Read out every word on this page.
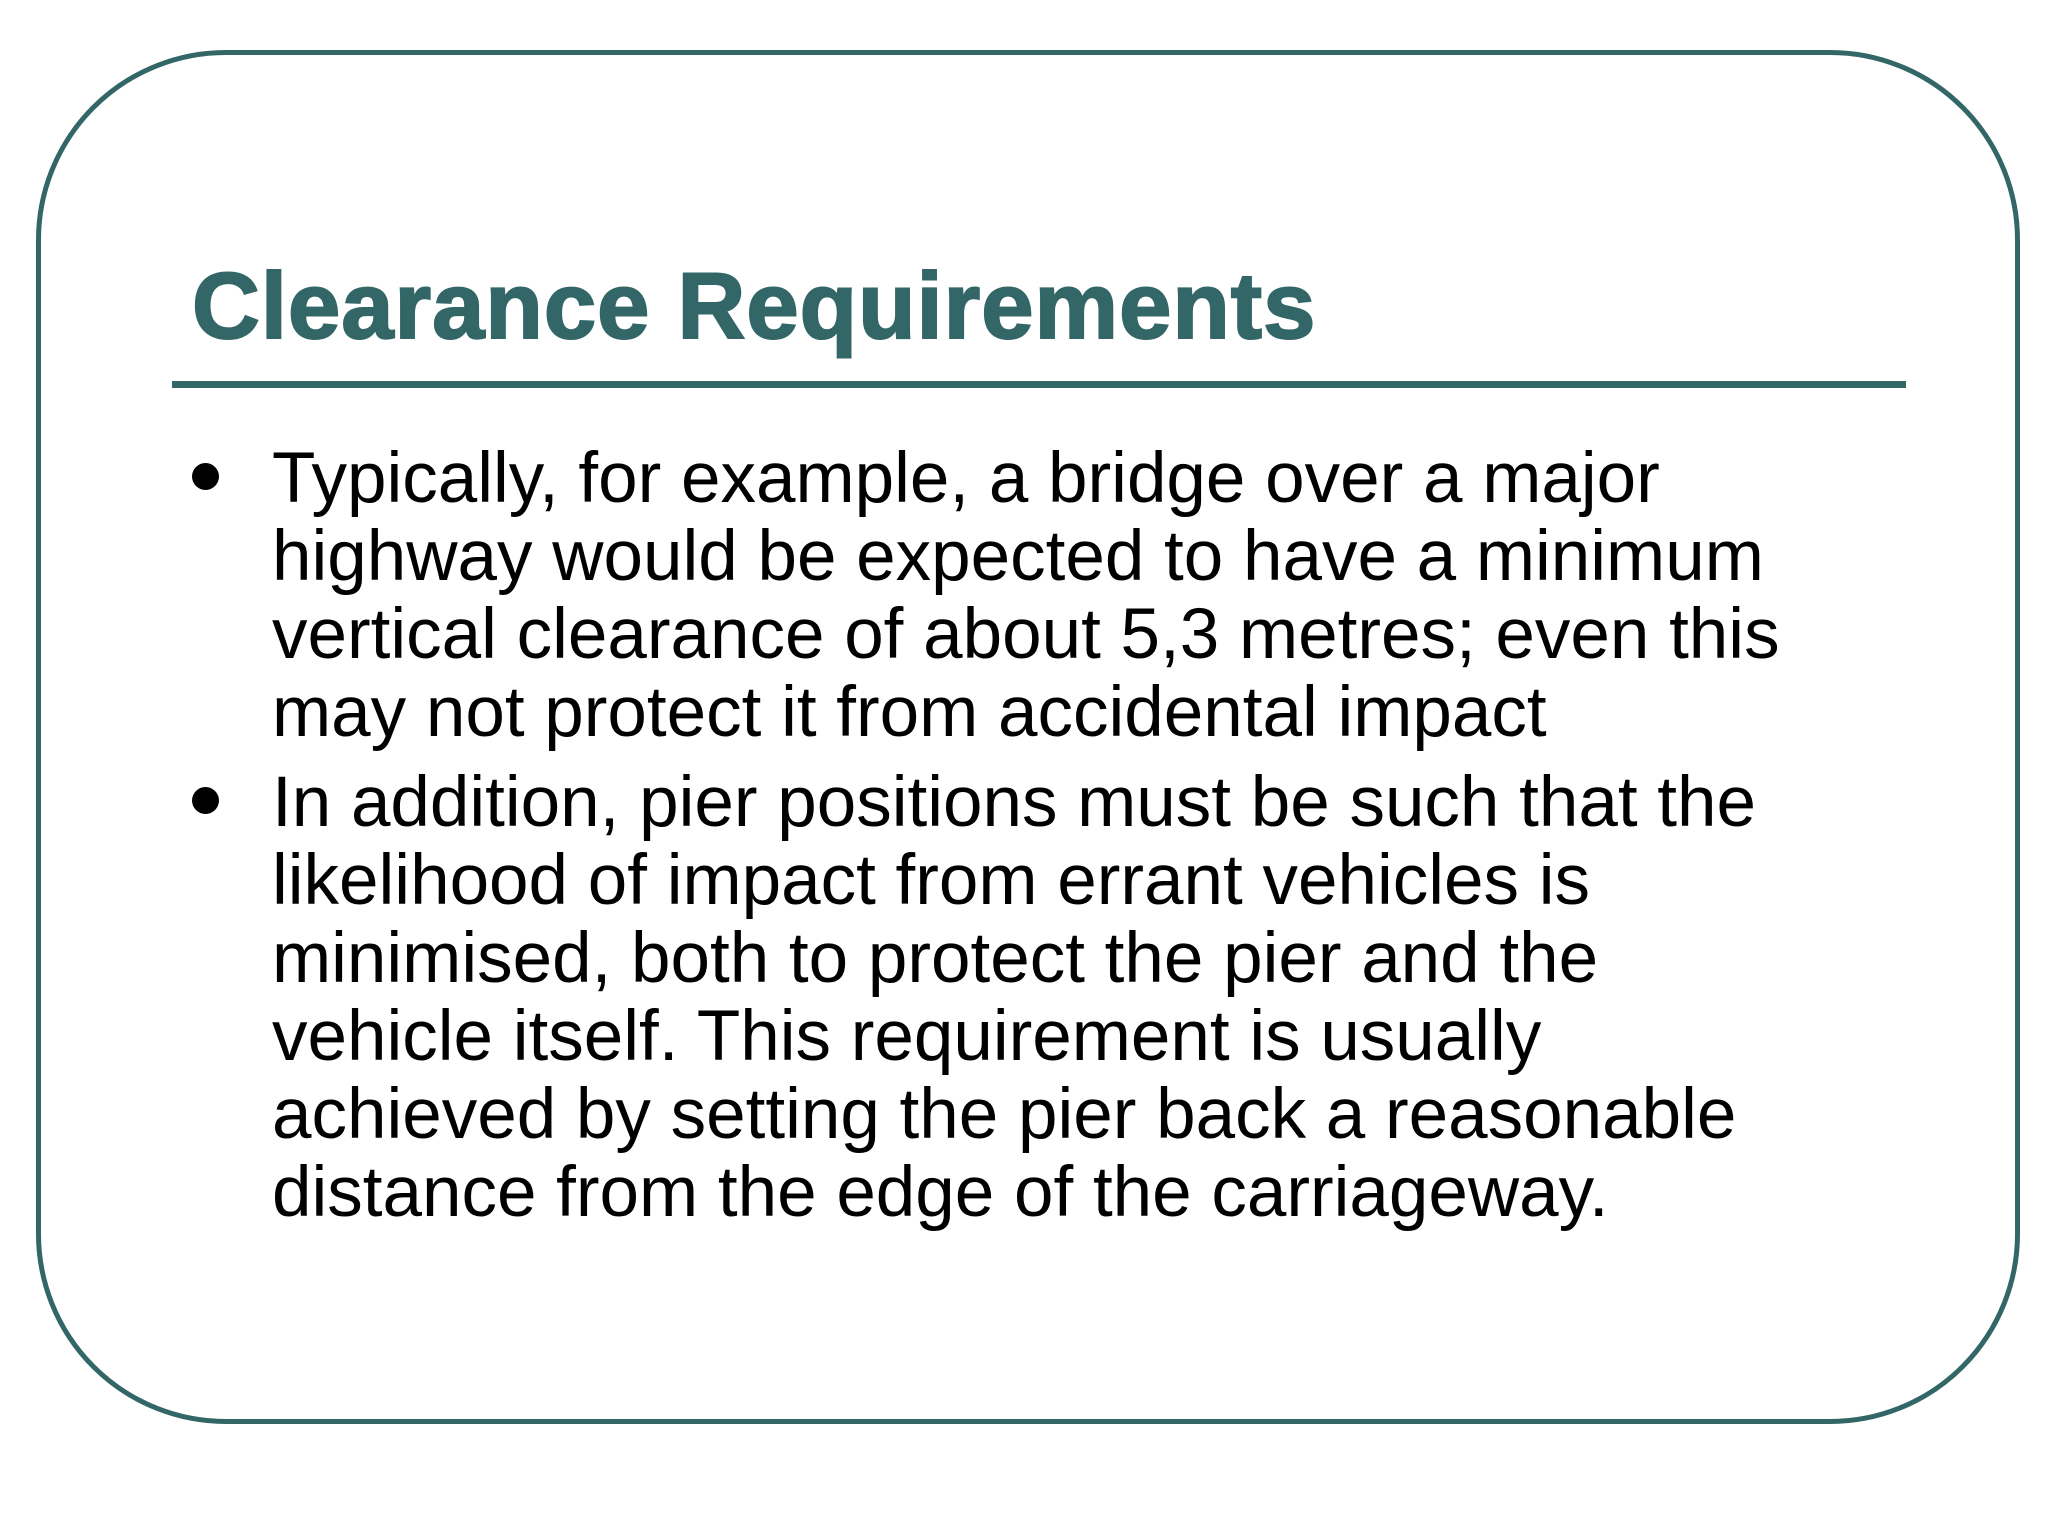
Clearance Requirements
Typically, for example, a bridge over a major
highway would be expected to have a minimum
vertical clearance of about 5,3 metres; even this
may not protect it from accidental impact
In addition, pier positions must be such that the
likelihood of impact from errant vehicles is
minimised, both to protect the pier and the
vehicle itself. This requirement is usually
achieved by setting the pier back a reasonable
distance from the edge of the carriageway.
